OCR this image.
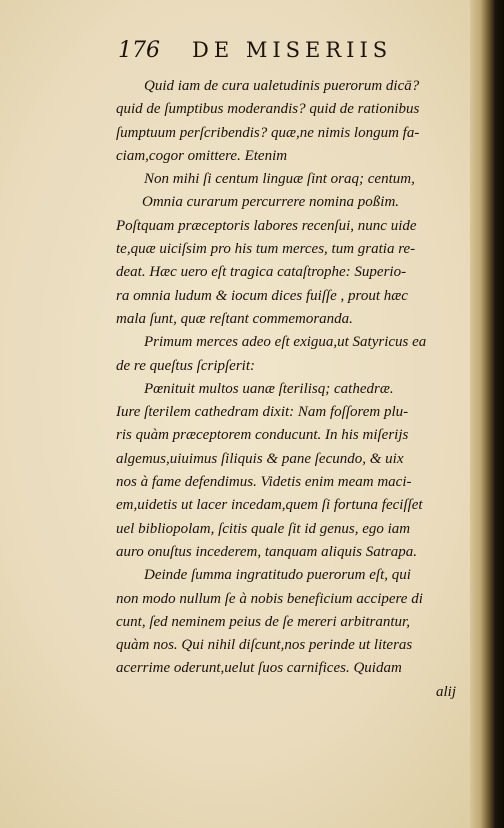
176 DE MISERIIS
Quid iam de cura ualetudinis puerorum dicā?
quid de ſumptibus moderandis? quid de rationibus
ſumptuum perſcribendis? quæ,ne nimis longum fa-
ciam,cogor omittere. Etenim
Non mihi ſi centum linguæ ſint oraq; centum,
Omnia curarum percurrere nomina poßim.
Poſtquam præceptoris labores recenſui, nunc uide
te,quæ uiciſsim pro his tum merces, tum gratia re-
deat. Hæc uero eſt tragica cataſtrophe: Superio-
ra omnia ludum & iocum dices fuiſſe , prout hæc
mala ſunt, quæ reſtant commemoranda.
Primum merces adeo eſt exigua,ut Satyricus ea
de re queſtus ſcripſerit:
Pœnituit multos uanæ ſterilisq; cathedræ.
Iure ſterilem cathedram dixit: Nam foſſorem plu-
ris quàm præceptorem conducunt. In his miſerijs
algemus,uiuimus ſiliquis & pane ſecundo, & uix
nos à fame defendimus. Videtis enim meam maci-
em,uidetis ut lacer incedam,quem ſi fortuna feciſſet
uel bibliopolam, ſcitis quale ſit id genus, ego iam
auro onuſtus incederem, tanquam aliquis Satrapa.
Deinde ſumma ingratitudo puerorum eſt, qui
non modo nullum ſe à nobis beneficium accipere di
cunt, ſed neminem peius de ſe mereri arbitrantur,
quàm nos. Qui nihil diſcunt,nos perinde ut literas
acerrime oderunt,uelut ſuos carnifices. Quidam
alij
